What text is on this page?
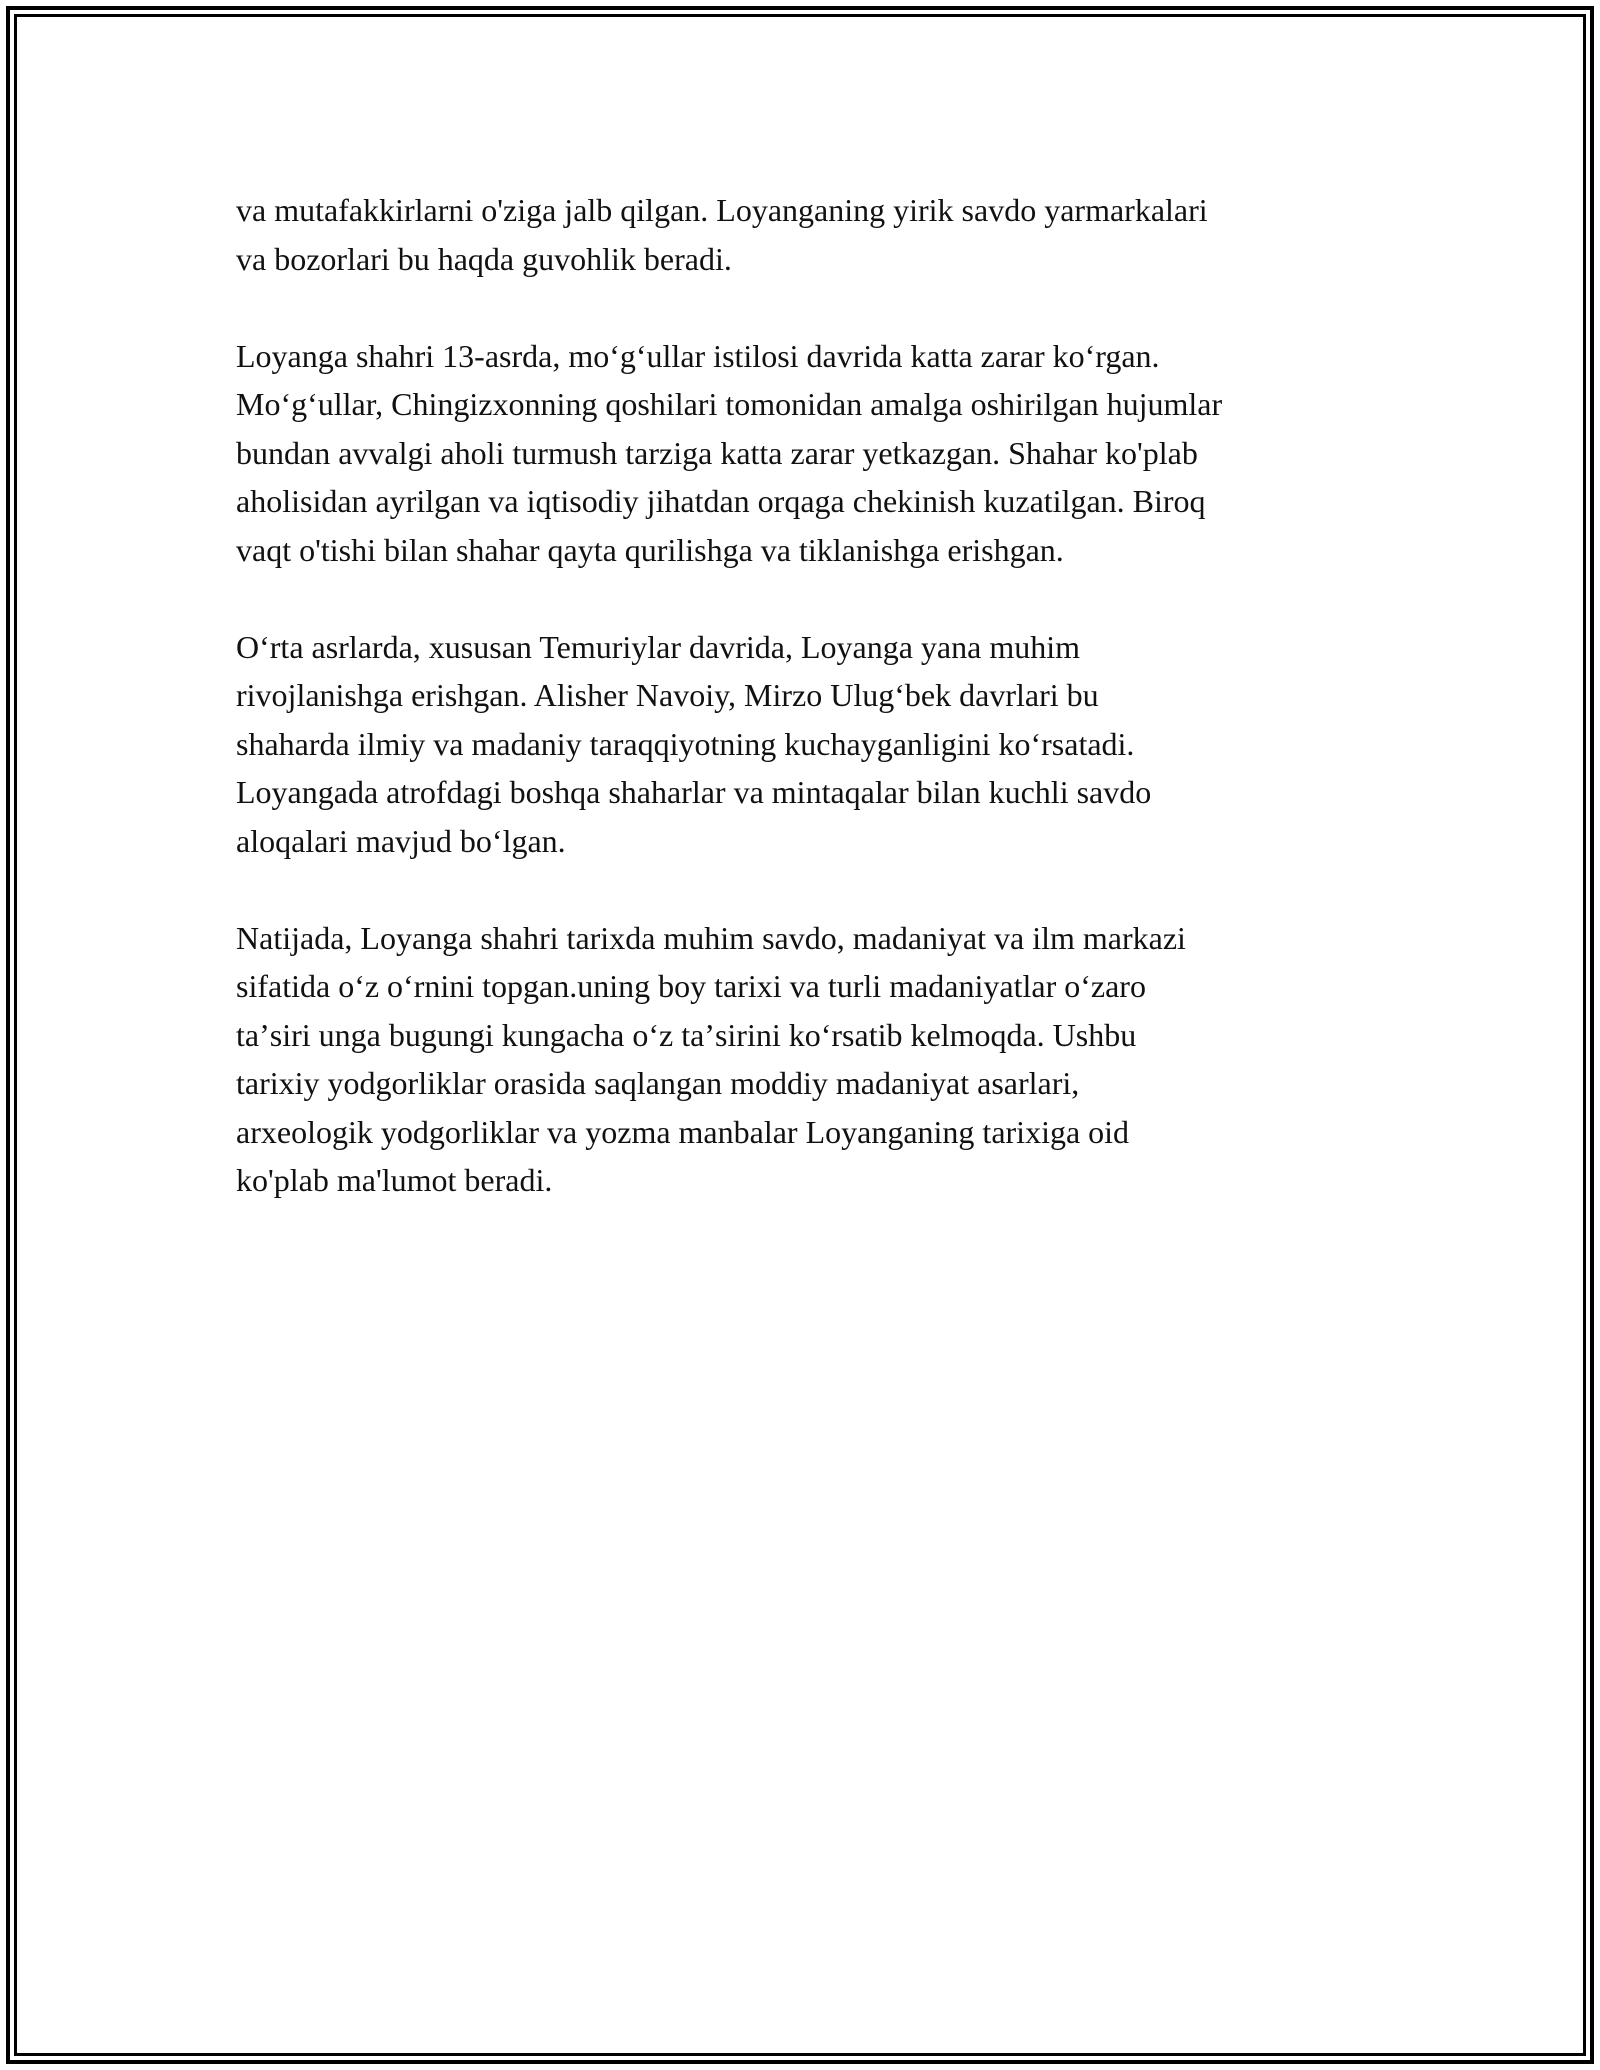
va mutafakkirlarni o'ziga jalb qilgan. Loyanganing yirik savdo yarmarkalari
va bozorlari bu haqda guvohlik beradi.

Loyanga shahri 13-asrda, moʻgʻullar istilosi davrida katta zarar koʻrgan.
Moʻgʻullar, Chingizxonning qoshilari tomonidan amalga oshirilgan hujumlar
bundan avvalgi aholi turmush tarziga katta zarar yetkazgan. Shahar ko'plab
aholisidan ayrilgan va iqtisodiy jihatdan orqaga chekinish kuzatilgan. Biroq
vaqt o'tishi bilan shahar qayta qurilishga va tiklanishga erishgan.

Oʻrta asrlarda, xususan Temuriylar davrida, Loyanga yana muhim
rivojlanishga erishgan. Alisher Navoiy, Mirzo Ulugʻbek davrlari bu
shaharda ilmiy va madaniy taraqqiyotning kuchayganligini koʻrsatadi.
Loyangada atrofdagi boshqa shaharlar va mintaqalar bilan kuchli savdo
aloqalari mavjud boʻlgan.

Natijada, Loyanga shahri tarixda muhim savdo, madaniyat va ilm markazi
sifatida oʻz oʻrnini topgan.uning boy tarixi va turli madaniyatlar oʻzaro
taʼsiri unga bugungi kungacha oʻz taʼsirini koʻrsatib kelmoqda. Ushbu
tarixiy yodgorliklar orasida saqlangan moddiy madaniyat asarlari,
arxeologik yodgorliklar va yozma manbalar Loyanganing tarixiga oid
ko'plab ma'lumot beradi.
